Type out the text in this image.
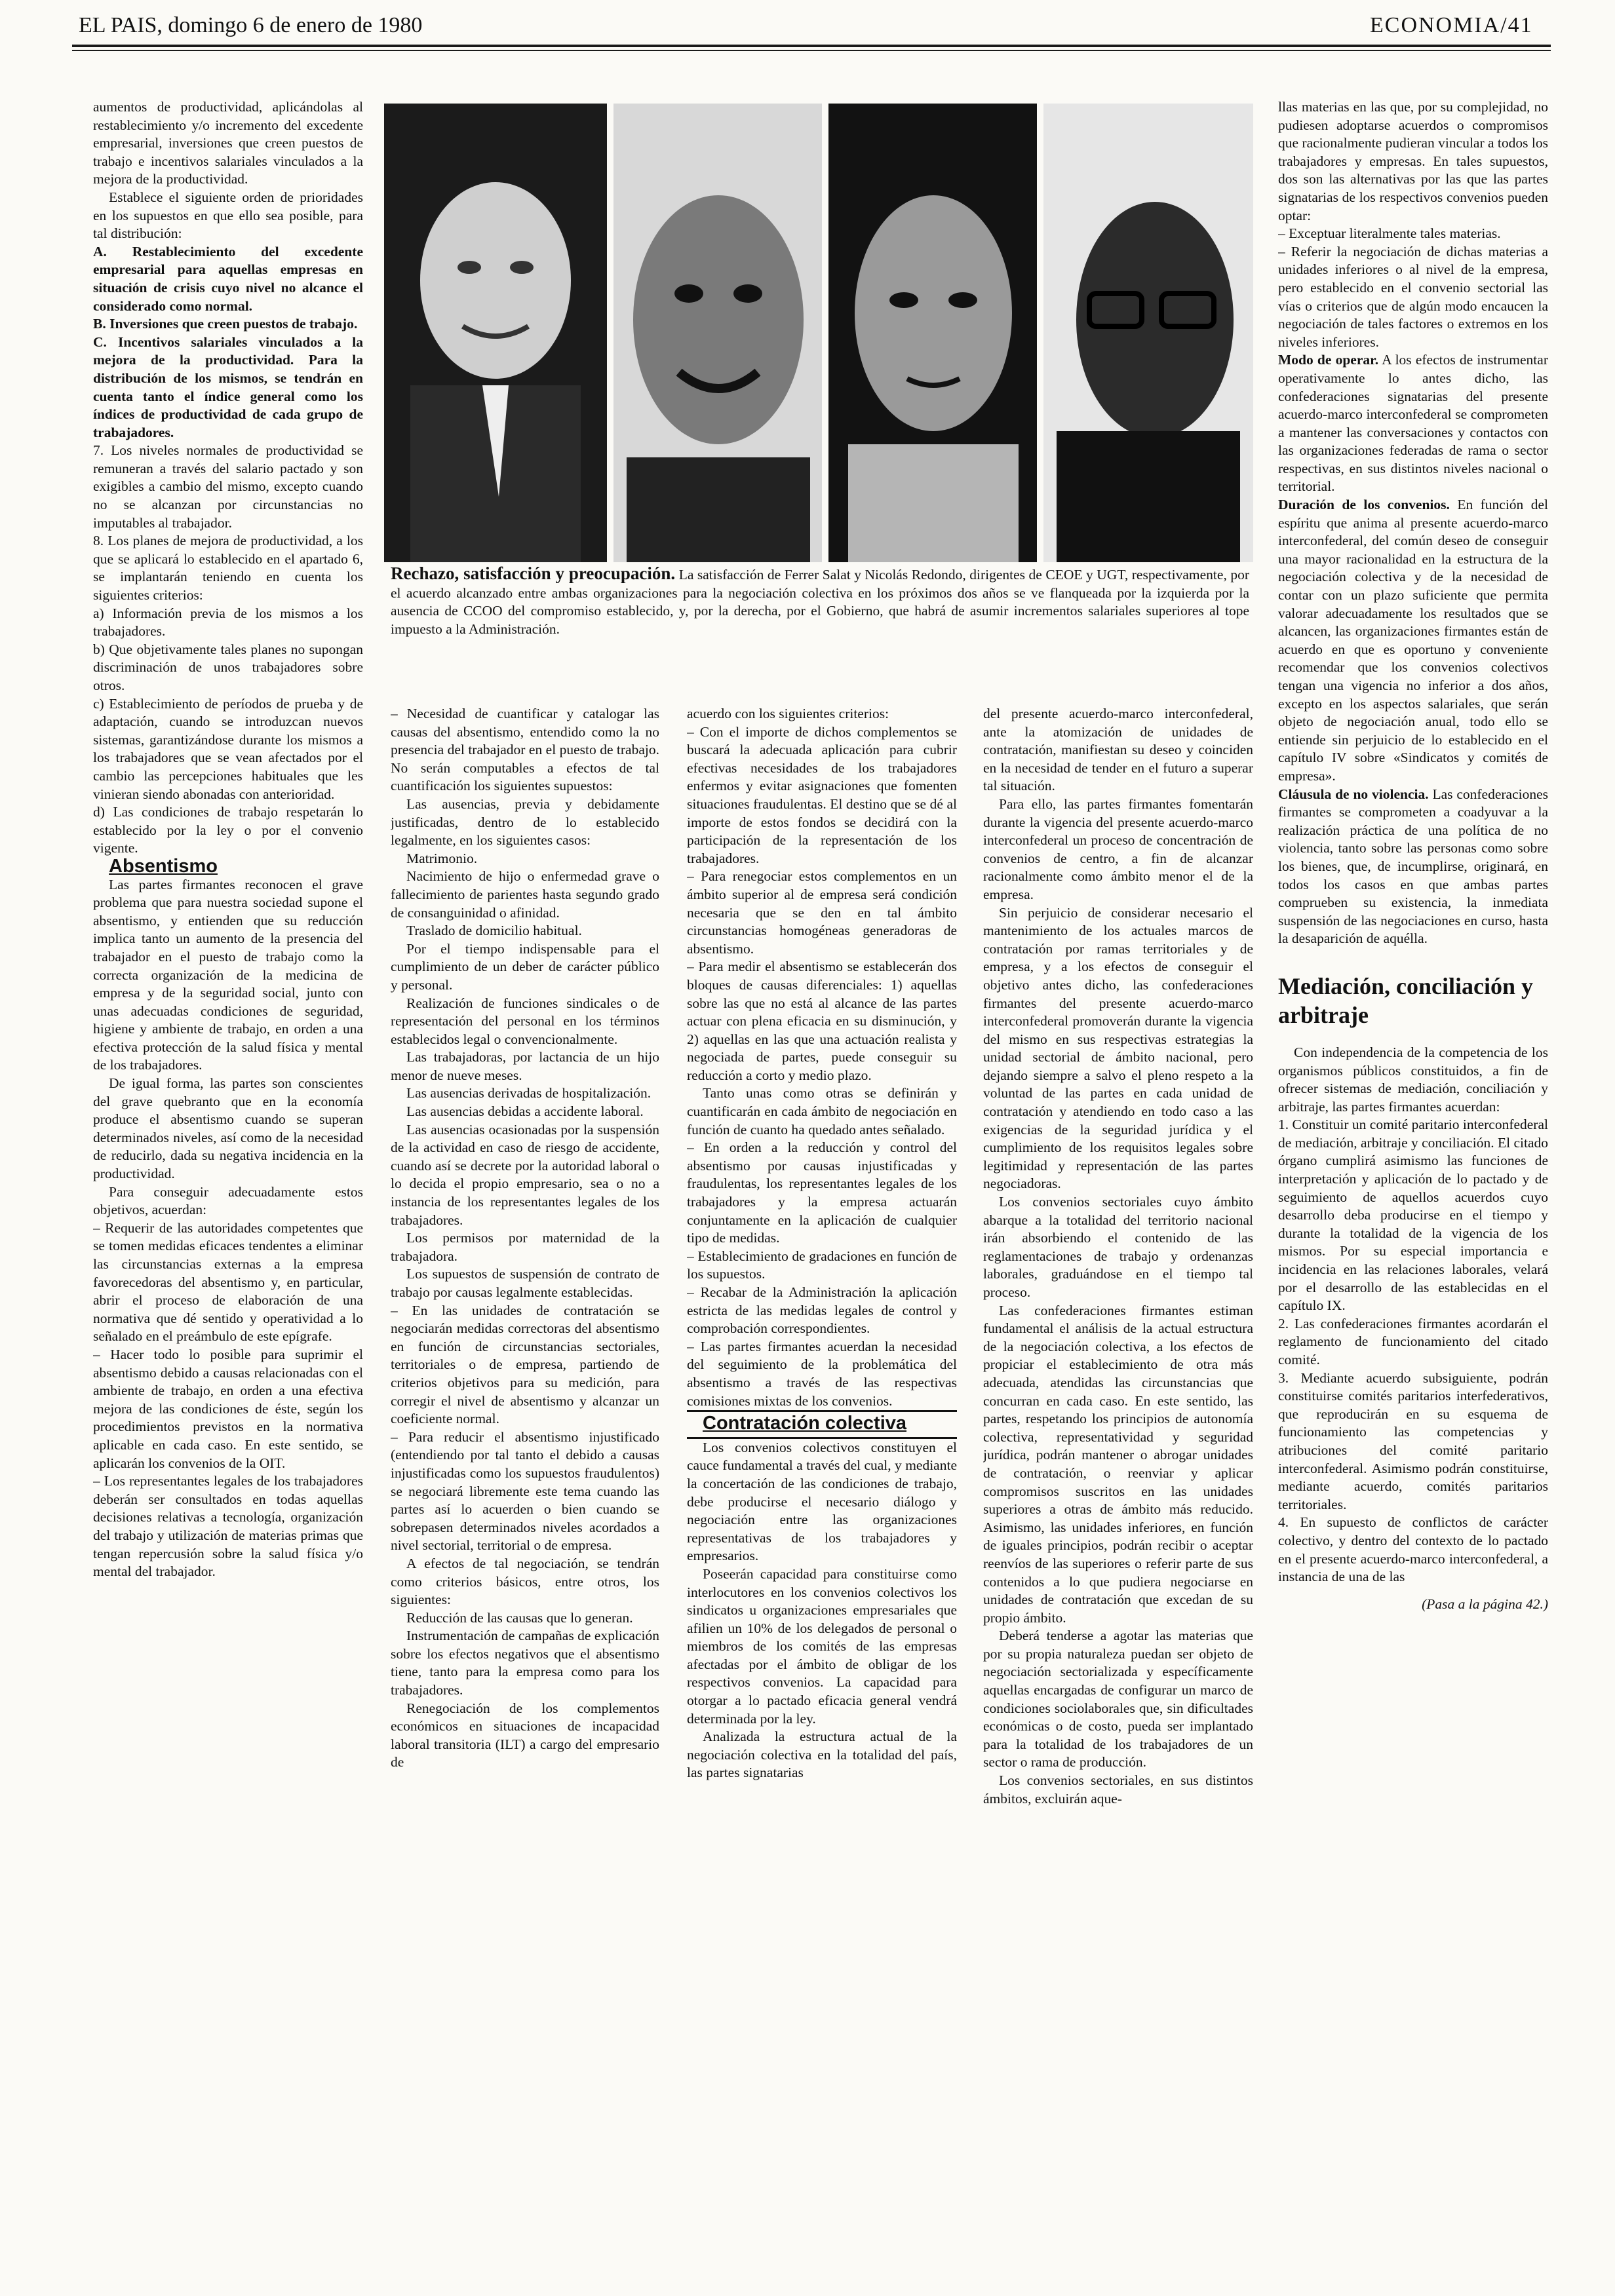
EL PAIS, domingo 6 de enero de 1980	ECONOMIA/41

aumentos de productividad, aplicándolas al restablecimiento y/o incremento del excedente empresarial, inversiones que creen puestos de trabajo e incentivos salariales vinculados a la mejora de la productividad.

Establece el siguiente orden de prioridades en los supuestos en que ello sea posible, para tal distribución:

A. Restablecimiento del excedente empresarial para aquellas empresas en situación de crisis cuyo nivel no alcance el considerado como normal.

B. Inversiones que creen puestos de trabajo.

C. Incentivos salariales vinculados a la mejora de la productividad. Para la distribución de los mismos, se tendrán en cuenta tanto el índice general como los índices de productividad de cada grupo de trabajadores.

7. Los niveles normales de productividad se remuneran a través del salario pactado y son exigibles a cambio del mismo, excepto cuando no se alcanzan por circunstancias no imputables al trabajador.

8. Los planes de mejora de productividad, a los que se aplicará lo establecido en el apartado 6, se implantarán teniendo en cuenta los siguientes criterios:

a) Información previa de los mismos a los trabajadores.

b) Que objetivamente tales planes no supongan discriminación de unos trabajadores sobre otros.

c) Establecimiento de períodos de prueba y de adaptación, cuando se introduzcan nuevos sistemas, garantizándose durante los mismos a los trabajadores que se vean afectados por el cambio las percepciones habituales que les vinieran siendo abonadas con anterioridad.

d) Las condiciones de trabajo respetarán lo establecido por la ley o por el convenio vigente.

Absentismo

Las partes firmantes reconocen el grave problema que para nuestra sociedad supone el absentismo, y entienden que su reducción implica tanto un aumento de la presencia del trabajador en el puesto de trabajo como la correcta organización de la medicina de empresa y de la seguridad social, junto con unas adecuadas condiciones de seguridad, higiene y ambiente de trabajo, en orden a una efectiva protección de la salud física y mental de los trabajadores.

De igual forma, las partes son conscientes del grave quebranto que en la economía produce el absentismo cuando se superan determinados niveles, así como de la necesidad de reducirlo, dada su negativa incidencia en la productividad.

Para conseguir adecuadamente estos objetivos, acuerdan:

– Requerir de las autoridades competentes que se tomen medidas eficaces tendentes a eliminar las circunstancias externas a la empresa favorecedoras del absentismo y, en particular, abrir el proceso de elaboración de una normativa que dé sentido y operatividad a lo señalado en el preámbulo de este epígrafe.

– Hacer todo lo posible para suprimir el absentismo debido a causas relacionadas con el ambiente de trabajo, en orden a una efectiva mejora de las condiciones de éste, según los procedimientos previstos en la normativa aplicable en cada caso. En este sentido, se aplicarán los convenios de la OIT.

– Los representantes legales de los trabajadores deberán ser consultados en todas aquellas decisiones relativas a tecnología, organización del trabajo y utilización de materias primas que tengan repercusión sobre la salud física y/o mental del trabajador.

Rechazo, satisfacción y preocupación. La satisfacción de Ferrer Salat y Nicolás Redondo, dirigentes de CEOE y UGT, respectivamente, por el acuerdo alcanzado entre ambas organizaciones para la negociación colectiva en los próximos dos años se ve flanqueada por la izquierda por la ausencia de CCOO del compromiso establecido, y, por la derecha, por el Gobierno, que habrá de asumir incrementos salariales superiores al tope impuesto a la Administración.

– Necesidad de cuantificar y catalogar las causas del absentismo, entendido como la no presencia del trabajador en el puesto de trabajo. No serán computables a efectos de tal cuantificación los siguientes supuestos:

Las ausencias, previa y debidamente justificadas, dentro de lo establecido legalmente, en los siguientes casos:

Matrimonio.

Nacimiento de hijo o enfermedad grave o fallecimiento de parientes hasta segundo grado de consanguinidad o afinidad.

Traslado de domicilio habitual.

Por el tiempo indispensable para el cumplimiento de un deber de carácter público y personal.

Realización de funciones sindicales o de representación del personal en los términos establecidos legal o convencionalmente.

Las trabajadoras, por lactancia de un hijo menor de nueve meses.

Las ausencias derivadas de hospitalización.

Las ausencias debidas a accidente laboral.

Las ausencias ocasionadas por la suspensión de la actividad en caso de riesgo de accidente, cuando así se decrete por la autoridad laboral o lo decida el propio empresario, sea o no a instancia de los representantes legales de los trabajadores.

Los permisos por maternidad de la trabajadora.

Los supuestos de suspensión de contrato de trabajo por causas legalmente establecidas.

– En las unidades de contratación se negociarán medidas correctoras del absentismo en función de circunstancias sectoriales, territoriales o de empresa, partiendo de criterios objetivos para su medición, para corregir el nivel de absentismo y alcanzar un coeficiente normal.

– Para reducir el absentismo injustificado (entendiendo por tal tanto el debido a causas injustificadas como los supuestos fraudulentos) se negociará libremente este tema cuando las partes así lo acuerden o bien cuando se sobrepasen determinados niveles acordados a nivel sectorial, territorial o de empresa.

A efectos de tal negociación, se tendrán como criterios básicos, entre otros, los siguientes:

Reducción de las causas que lo generan.

Instrumentación de campañas de explicación sobre los efectos negativos que el absentismo tiene, tanto para la empresa como para los trabajadores.

Renegociación de los complementos económicos en situaciones de incapacidad laboral transitoria (ILT) a cargo del empresario de

acuerdo con los siguientes criterios:

– Con el importe de dichos complementos se buscará la adecuada aplicación para cubrir efectivas necesidades de los trabajadores enfermos y evitar asignaciones que fomenten situaciones fraudulentas. El destino que se dé al importe de estos fondos se decidirá con la participación de la representación de los trabajadores.

– Para renegociar estos complementos en un ámbito superior al de empresa será condición necesaria que se den en tal ámbito circunstancias homogéneas generadoras de absentismo.

– Para medir el absentismo se establecerán dos bloques de causas diferenciales: 1) aquellas sobre las que no está al alcance de las partes actuar con plena eficacia en su disminución, y 2) aquellas en las que una actuación realista y negociada de partes, puede conseguir su reducción a corto y medio plazo.

Tanto unas como otras se definirán y cuantificarán en cada ámbito de negociación en función de cuanto ha quedado antes señalado.

– En orden a la reducción y control del absentismo por causas injustificadas y fraudulentas, los representantes legales de los trabajadores y la empresa actuarán conjuntamente en la aplicación de cualquier tipo de medidas.

– Establecimiento de gradaciones en función de los supuestos.

– Recabar de la Administración la aplicación estricta de las medidas legales de control y comprobación correspondientes.

– Las partes firmantes acuerdan la necesidad del seguimiento de la problemática del absentismo a través de las respectivas comisiones mixtas de los convenios.

Contratación colectiva

Los convenios colectivos constituyen el cauce fundamental a través del cual, y mediante la concertación de las condiciones de trabajo, debe producirse el necesario diálogo y negociación entre las organizaciones representativas de los trabajadores y empresarios.

Poseerán capacidad para constituirse como interlocutores en los convenios colectivos los sindicatos u organizaciones empresariales que afilien un 10% de los delegados de personal o miembros de los comités de las empresas afectadas por el ámbito de obligar de los respectivos convenios. La capacidad para otorgar a lo pactado eficacia general vendrá determinada por la ley.

Analizada la estructura actual de la negociación colectiva en la totalidad del país, las partes signatarias

del presente acuerdo-marco interconfederal, ante la atomización de unidades de contratación, manifiestan su deseo y coinciden en la necesidad de tender en el futuro a superar tal situación.

Para ello, las partes firmantes fomentarán durante la vigencia del presente acuerdo-marco interconfederal un proceso de concentración de convenios de centro, a fin de alcanzar racionalmente como ámbito menor el de la empresa.

Sin perjuicio de considerar necesario el mantenimiento de los actuales marcos de contratación por ramas territoriales y de empresa, y a los efectos de conseguir el objetivo antes dicho, las confederaciones firmantes del presente acuerdo-marco interconfederal promoverán durante la vigencia del mismo en sus respectivas estrategias la unidad sectorial de ámbito nacional, pero dejando siempre a salvo el pleno respeto a la voluntad de las partes en cada unidad de contratación y atendiendo en todo caso a las exigencias de la seguridad jurídica y el cumplimiento de los requisitos legales sobre legitimidad y representación de las partes negociadoras.

Los convenios sectoriales cuyo ámbito abarque a la totalidad del territorio nacional irán absorbiendo el contenido de las reglamentaciones de trabajo y ordenanzas laborales, graduándose en el tiempo tal proceso.

Las confederaciones firmantes estiman fundamental el análisis de la actual estructura de la negociación colectiva, a los efectos de propiciar el establecimiento de otra más adecuada, atendidas las circunstancias que concurran en cada caso. En este sentido, las partes, respetando los principios de autonomía colectiva, representatividad y seguridad jurídica, podrán mantener o abrogar unidades de contratación, o reenviar y aplicar compromisos suscritos en las unidades superiores a otras de ámbito más reducido. Asimismo, las unidades inferiores, en función de iguales principios, podrán recibir o aceptar reenvíos de las superiores o referir parte de sus contenidos a lo que pudiera negociarse en unidades de contratación que excedan de su propio ámbito.

Deberá tenderse a agotar las materias que por su propia naturaleza puedan ser objeto de negociación sectorializada y específicamente aquellas encargadas de configurar un marco de condiciones sociolaborales que, sin dificultades económicas o de costo, pueda ser implantado para la totalidad de los trabajadores de un sector o rama de producción.

Los convenios sectoriales, en sus distintos ámbitos, excluirán aque-

llas materias en las que, por su complejidad, no pudiesen adoptarse acuerdos o compromisos que racionalmente pudieran vincular a todos los trabajadores y empresas. En tales supuestos, dos son las alternativas por las que las partes signatarias de los respectivos convenios pueden optar:

– Exceptuar literalmente tales materias.

– Referir la negociación de dichas materias a unidades inferiores o al nivel de la empresa, pero establecido en el convenio sectorial las vías o criterios que de algún modo encaucen la negociación de tales factores o extremos en los niveles inferiores.

Modo de operar. A los efectos de instrumentar operativamente lo antes dicho, las confederaciones signatarias del presente acuerdo-marco interconfederal se comprometen a mantener las conversaciones y contactos con las organizaciones federadas de rama o sector respectivas, en sus distintos niveles nacional o territorial.

Duración de los convenios. En función del espíritu que anima al presente acuerdo-marco interconfederal, del común deseo de conseguir una mayor racionalidad en la estructura de la negociación colectiva y de la necesidad de contar con un plazo suficiente que permita valorar adecuadamente los resultados que se alcancen, las organizaciones firmantes están de acuerdo en que es oportuno y conveniente recomendar que los convenios colectivos tengan una vigencia no inferior a dos años, excepto en los aspectos salariales, que serán objeto de negociación anual, todo ello se entiende sin perjuicio de lo establecido en el capítulo IV sobre «Sindicatos y comités de empresa».

Cláusula de no violencia. Las confederaciones firmantes se comprometen a coadyuvar a la realización práctica de una política de no violencia, tanto sobre las personas como sobre los bienes, que, de incumplirse, originará, en todos los casos en que ambas partes comprueben su existencia, la inmediata suspensión de las negociaciones en curso, hasta la desaparición de aquélla.

Mediación, conciliación y arbitraje

Con independencia de la competencia de los organismos públicos constituidos, a fin de ofrecer sistemas de mediación, conciliación y arbitraje, las partes firmantes acuerdan:

1. Constituir un comité paritario interconfederal de mediación, arbitraje y conciliación. El citado órgano cumplirá asimismo las funciones de interpretación y aplicación de lo pactado y de seguimiento de aquellos acuerdos cuyo desarrollo deba producirse en el tiempo y durante la totalidad de la vigencia de los mismos. Por su especial importancia e incidencia en las relaciones laborales, velará por el desarrollo de las establecidas en el capítulo IX.

2. Las confederaciones firmantes acordarán el reglamento de funcionamiento del citado comité.

3. Mediante acuerdo subsiguiente, podrán constituirse comités paritarios interfederativos, que reproducirán en su esquema de funcionamiento las competencias y atribuciones del comité paritario interconfederal. Asimismo podrán constituirse, mediante acuerdo, comités paritarios territoriales.

4. En supuesto de conflictos de carácter colectivo, y dentro del contexto de lo pactado en el presente acuerdo-marco interconfederal, a instancia de una de las

(Pasa a la página 42.)
